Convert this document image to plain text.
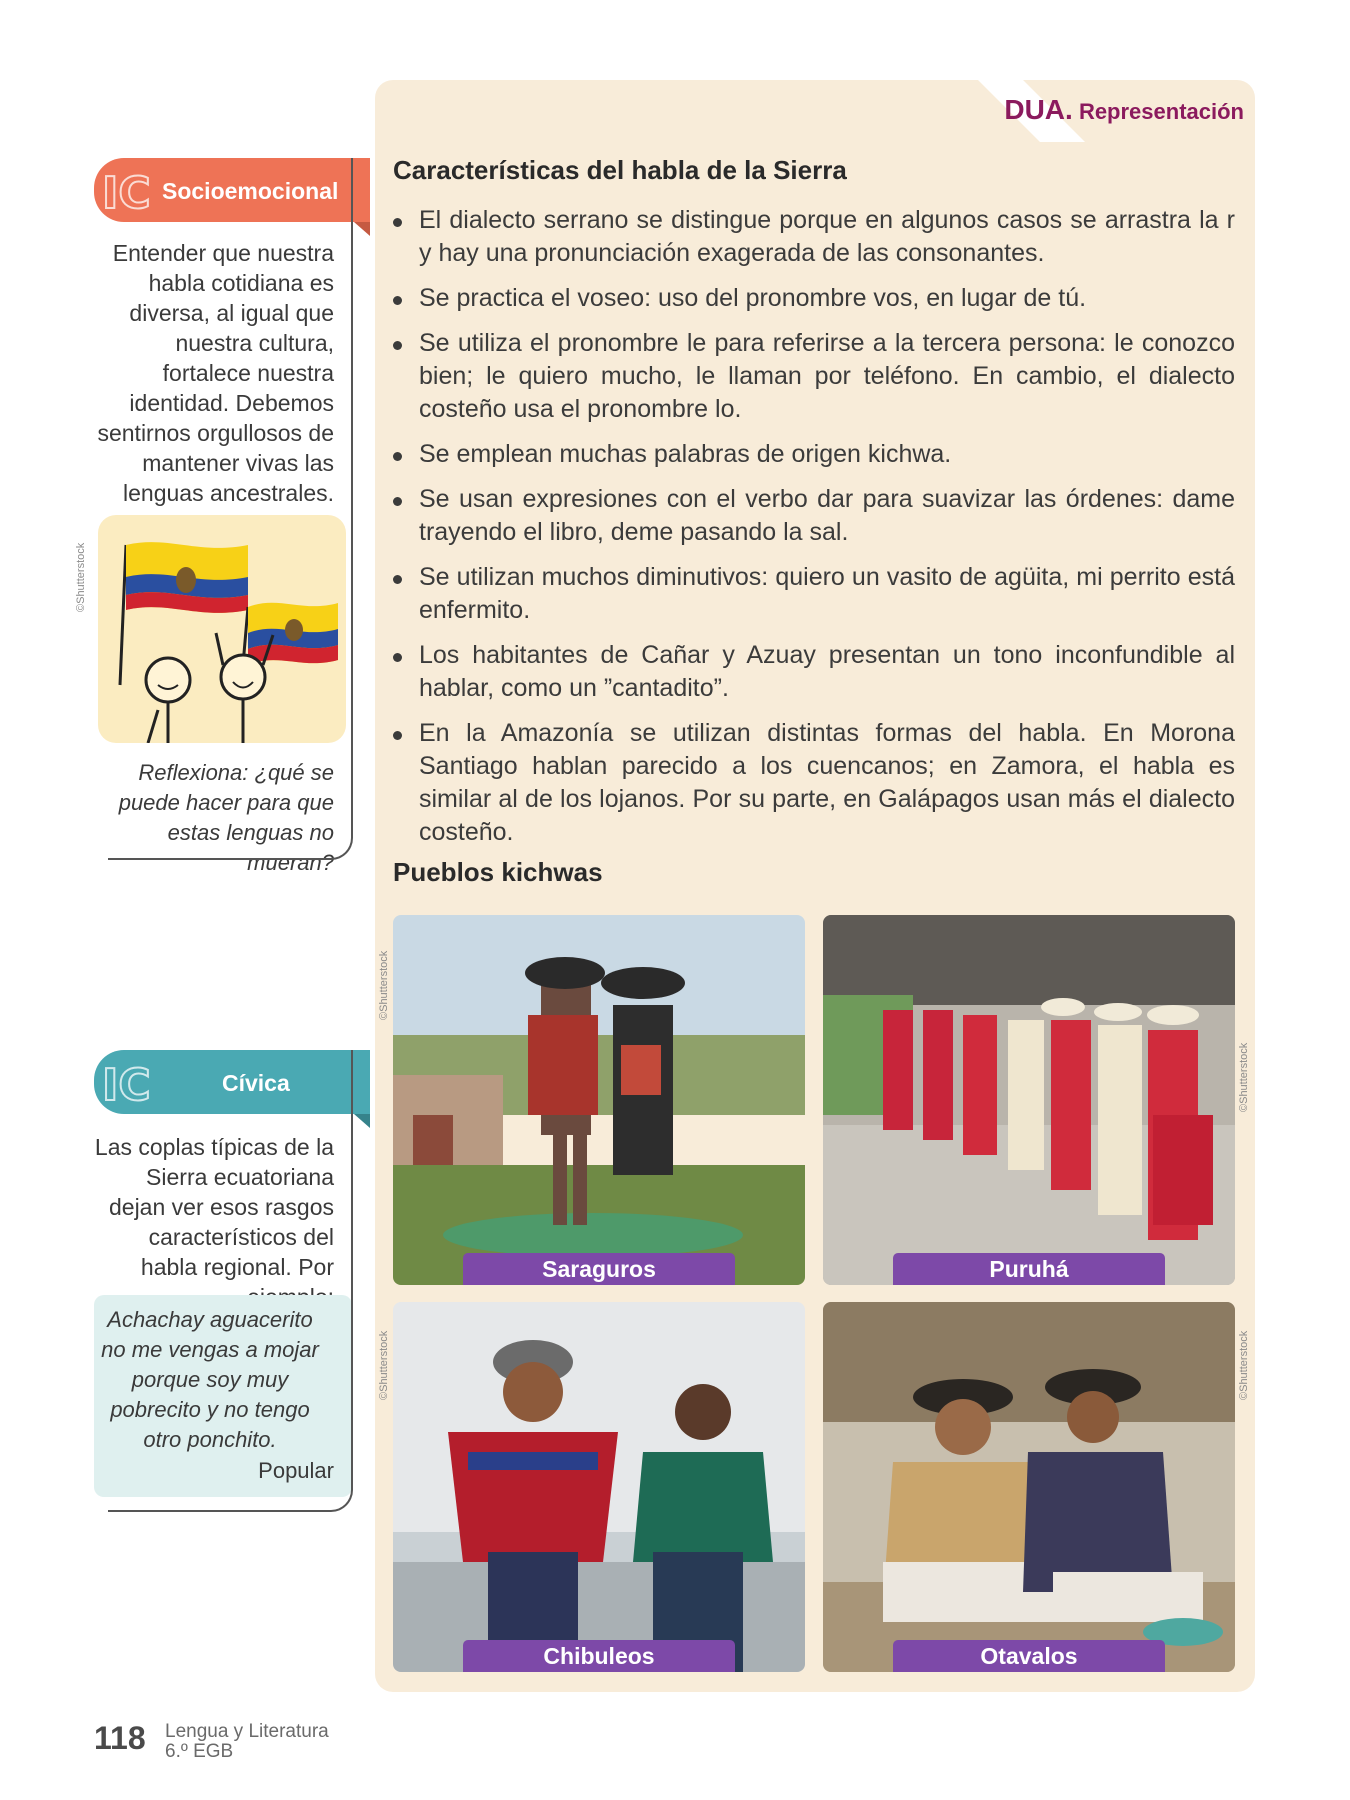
DUA. Representación
Características del habla de la Sierra
El dialecto serrano se distingue porque en algunos casos se arrastra la r y hay una pronunciación exagerada de las consonantes.
Se practica el voseo: uso del pronombre vos, en lugar de tú.
Se utiliza el pronombre le para referirse a la tercera persona: le conozco bien; le quiero mucho, le llaman por teléfono. En cambio, el dialecto costeño usa el pronombre lo.
Se emplean muchas palabras de origen kichwa.
Se usan expresiones con el verbo dar para suavizar las órdenes: dame trayendo el libro, deme pasando la sal.
Se utilizan muchos diminutivos: quiero un vasito de agüita, mi perrito está enfermito.
Los habitantes de Cañar y Azuay presentan un tono inconfundible al hablar, como un ”cantadito”.
En la Amazonía se utilizan distintas formas del habla. En Morona Santiago hablan parecido a los cuencanos; en Zamora, el habla es similar al de los lojanos. Por su parte, en Galápagos usan más el dialecto costeño.
Pueblos kichwas
Saraguros	Puruhá
Chibuleos	Otavalos
©Shutterstock
©Shutterstock
©Shutterstock	©Shutterstock
©Shutterstock
IC Socioemocional
Entender que nuestra habla cotidiana es diversa, al igual que nuestra cultura, fortalece nuestra identidad. Debemos sentirnos orgullosos de mantener vivas las lenguas ancestrales.
Reflexiona: ¿qué se puede hacer para que estas lenguas no mueran?
IC	Cívica
Las coplas típicas de la Sierra ecuatoriana dejan ver esos rasgos característicos del habla regional. Por
Achachay aguacerito no me vengas a mojar porque soy muy pobrecito y no tengo otro ponchito.
Popular
118 Lengua y Literatura
6.º EGB
